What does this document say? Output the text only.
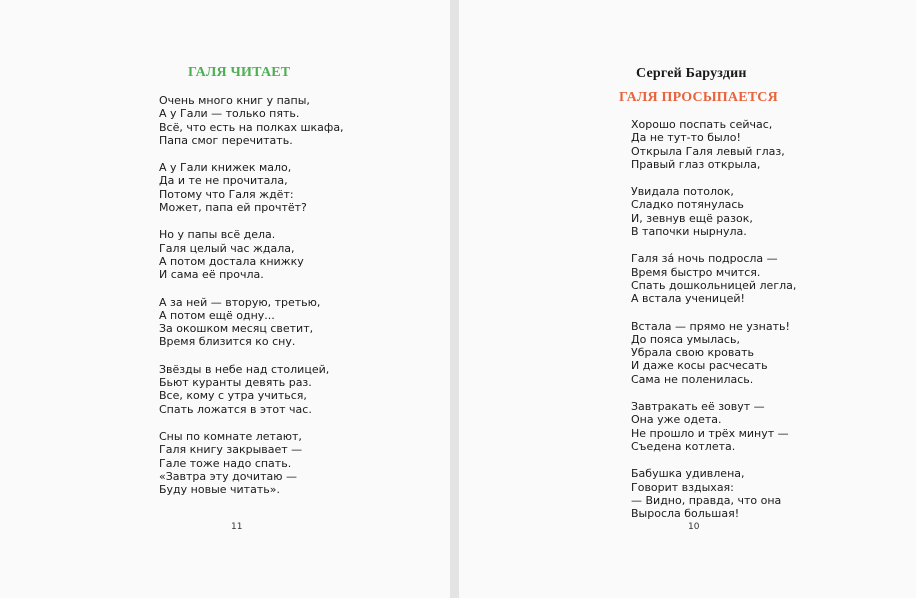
ГАЛЯ ЧИТАЕТ
Очень много книг у папы,
А у Гали — только пять.
Всё, что есть на полках шкафа,
Папа смог перечитать.
А у Гали книжек мало,
Да и те не прочитала,
Потому что Галя ждёт:
Может, папа ей прочтёт?
Но у папы всё дела.
Галя целый час ждала,
А потом достала книжку
И сама её прочла.
А за ней — вторую, третью,
А потом ещё одну...
За окошком месяц светит,
Время близится ко сну.
Звёзды в небе над столицей,
Бьют куранты девять раз.
Все, кому с утра учиться,
Спать ложатся в этот час.
Сны по комнате летают,
Галя книгу закрывает —
Гале тоже надо спать.
«Завтра эту дочитаю —
Буду новые читать».
11
Сергей Баруздин
ГАЛЯ ПРОСЫПАЕТСЯ
Хорошо поспать сейчас,
Да не тут-то было!
Открыла Галя левый глаз,
Правый глаз открыла,
Увидала потолок,
Сладко потянулась
И, зевнув ещё разок,
В тапочки нырнула.
Галя зá ночь подросла —
Время быстро мчится.
Спать дошкольницей легла,
А встала ученицей!
Встала — прямо не узнать!
До пояса умылась,
Убрала свою кровать
И даже косы расчесать
Сама не поленилась.
Завтракать её зовут —
Она уже одета.
Не прошло и трёх минут —
Съедена котлета.
Бабушка удивлена,
Говорит вздыхая:
— Видно, правда, что она
Выросла большая!
10
